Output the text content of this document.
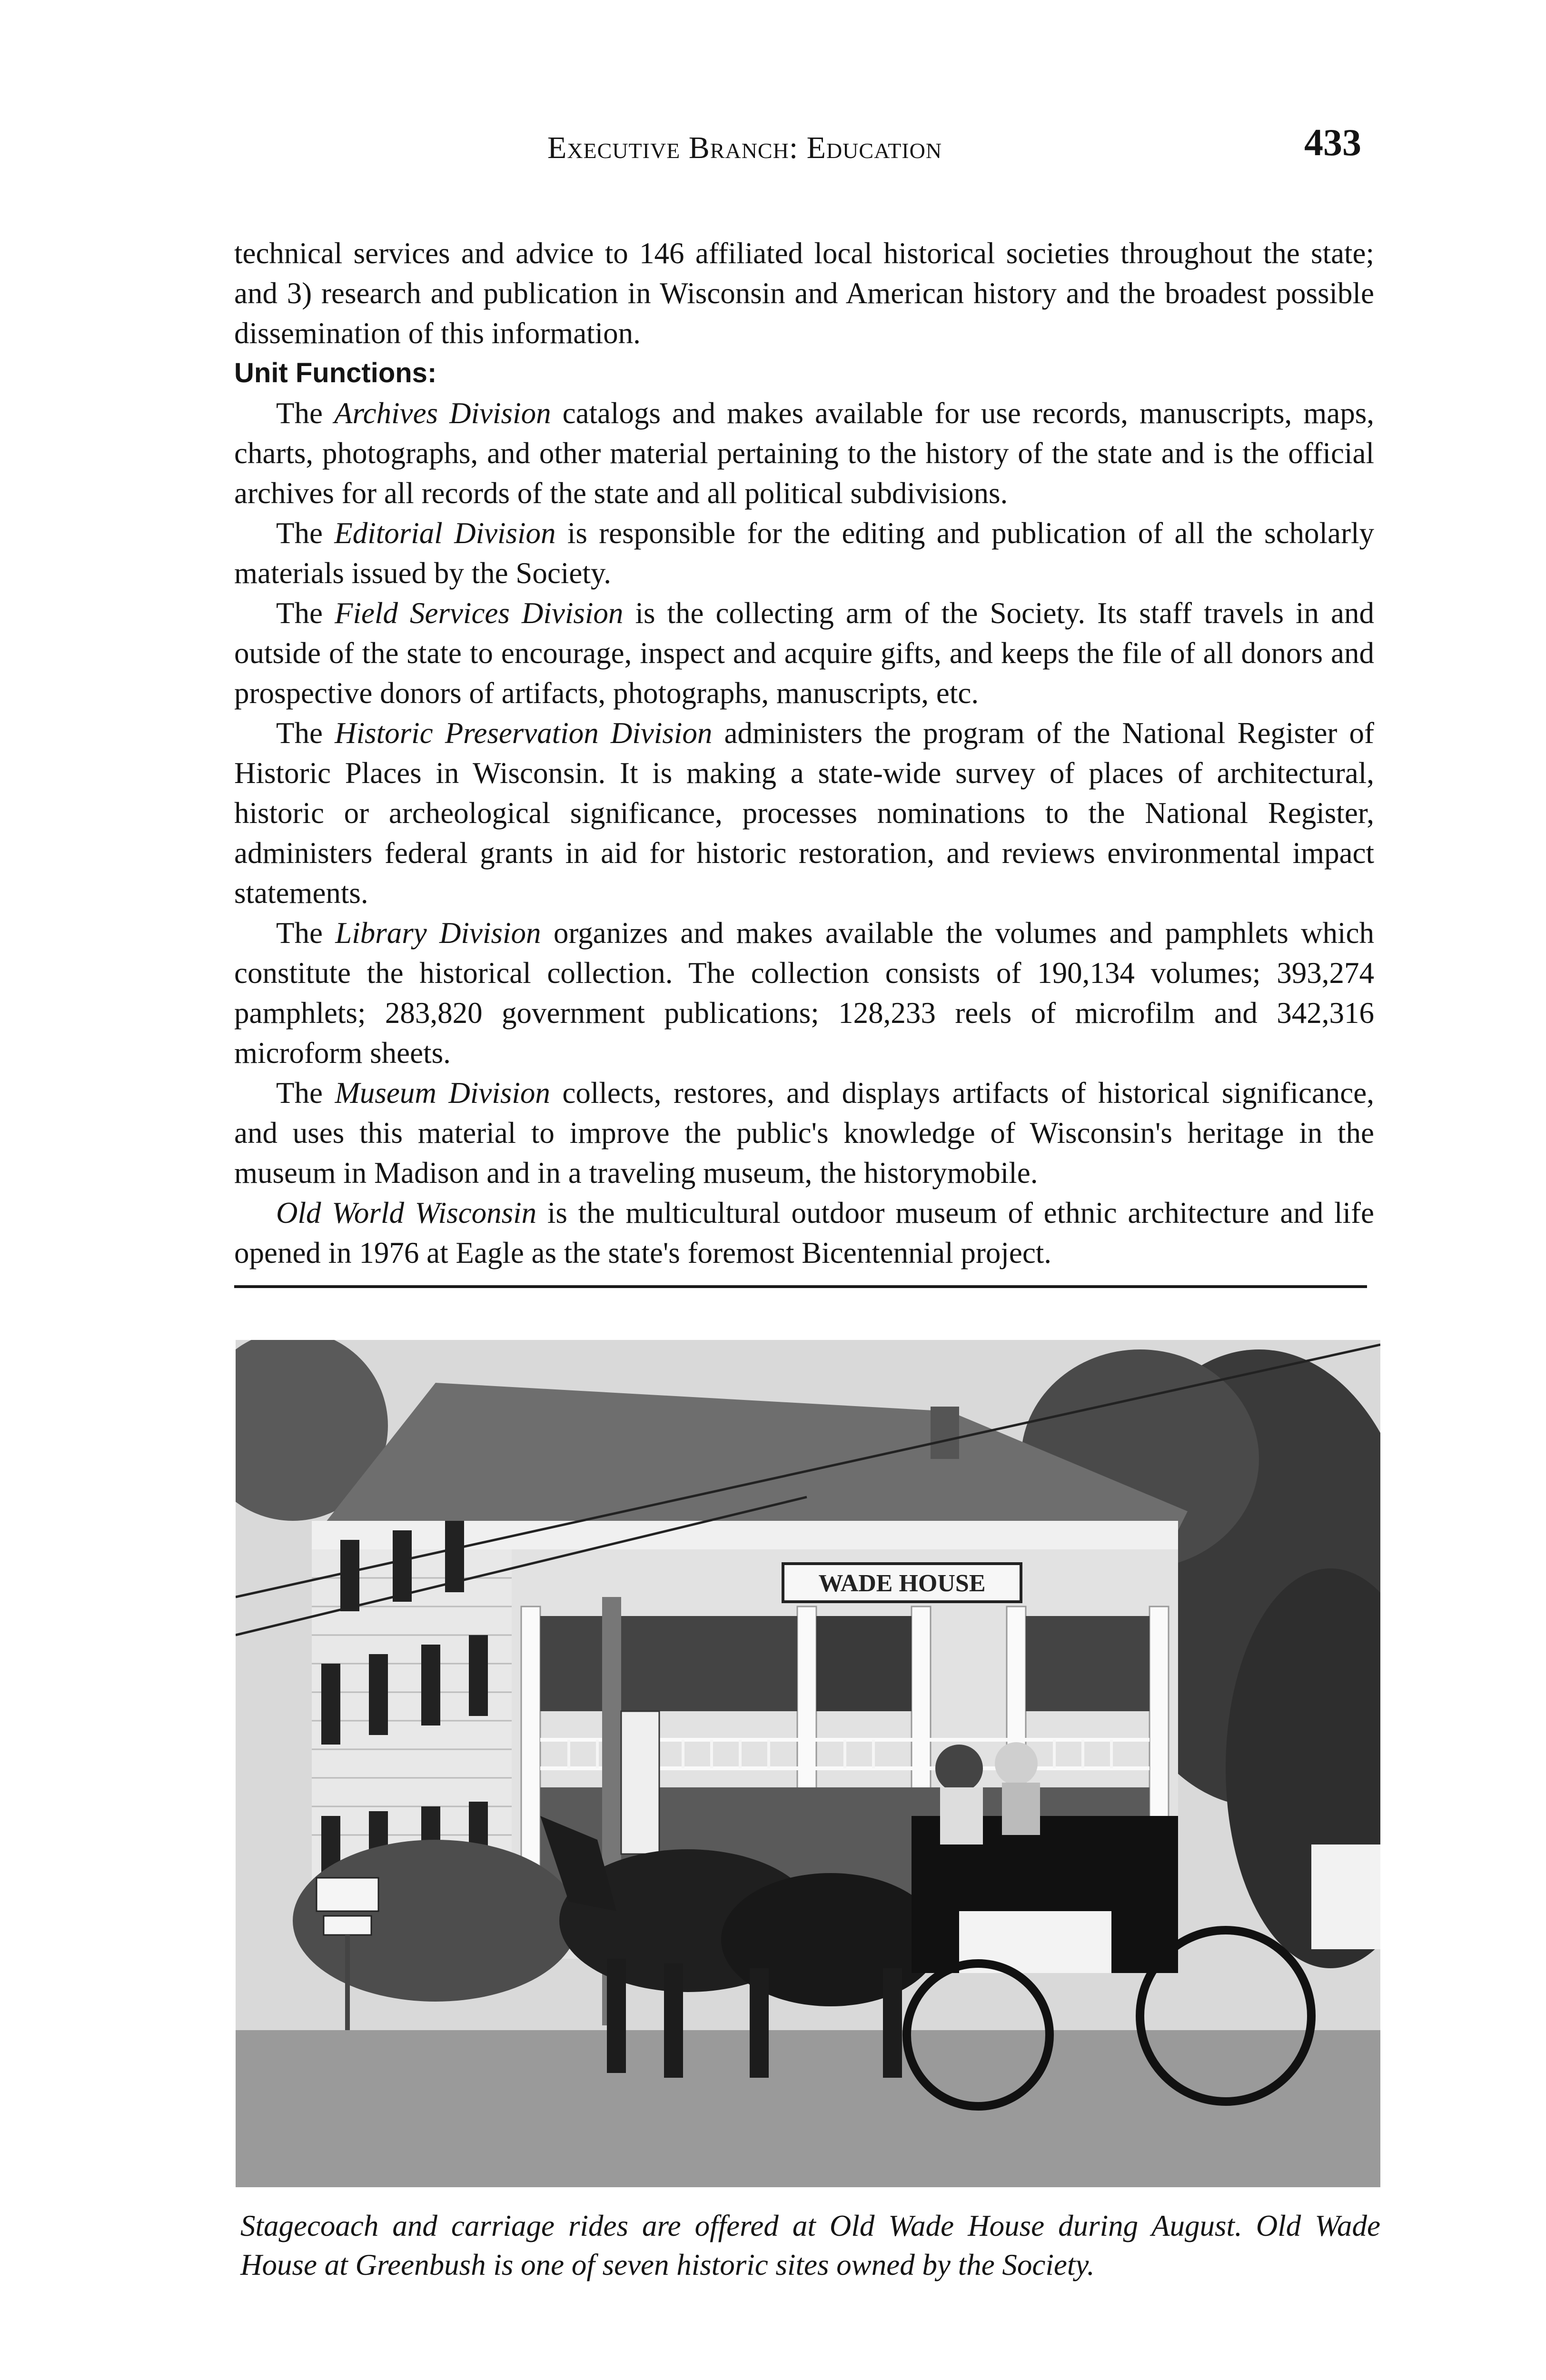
Executive Branch: Education	433

technical services and advice to 146 affiliated local historical societies throughout the state; and 3) research and publication in Wisconsin and American history and the broadest possible dissemination of this information.

Unit Functions:

The Archives Division catalogs and makes available for use records, manuscripts, maps, charts, photographs, and other material pertaining to the history of the state and is the official archives for all records of the state and all political subdivisions.

The Editorial Division is responsible for the editing and publication of all the scholarly materials issued by the Society.

The Field Services Division is the collecting arm of the Society. Its staff travels in and outside of the state to encourage, inspect and acquire gifts, and keeps the file of all donors and prospective donors of artifacts, photographs, manuscripts, etc.

The Historic Preservation Division administers the program of the National Register of Historic Places in Wisconsin. It is making a state-wide survey of places of architectural, historic or archeological significance, processes nominations to the National Register, administers federal grants in aid for historic restoration, and reviews environmental impact statements.

The Library Division organizes and makes available the volumes and pamphlets which constitute the historical collection. The collection consists of 190,134 volumes; 393,274 pamphlets; 283,820 government publications; 128,233 reels of microfilm and 342,316 microform sheets.

The Museum Division collects, restores, and displays artifacts of historical significance, and uses this material to improve the public's knowledge of Wisconsin's heritage in the museum in Madison and in a traveling museum, the historymobile.

Old World Wisconsin is the multicultural outdoor museum of ethnic architecture and life opened in 1976 at Eagle as the state's foremost Bicentennial project.

WADE HOUSE
Stagecoach and carriage rides are offered at Old Wade House during August. Old Wade House at Greenbush is one of seven historic sites owned by the Society.
